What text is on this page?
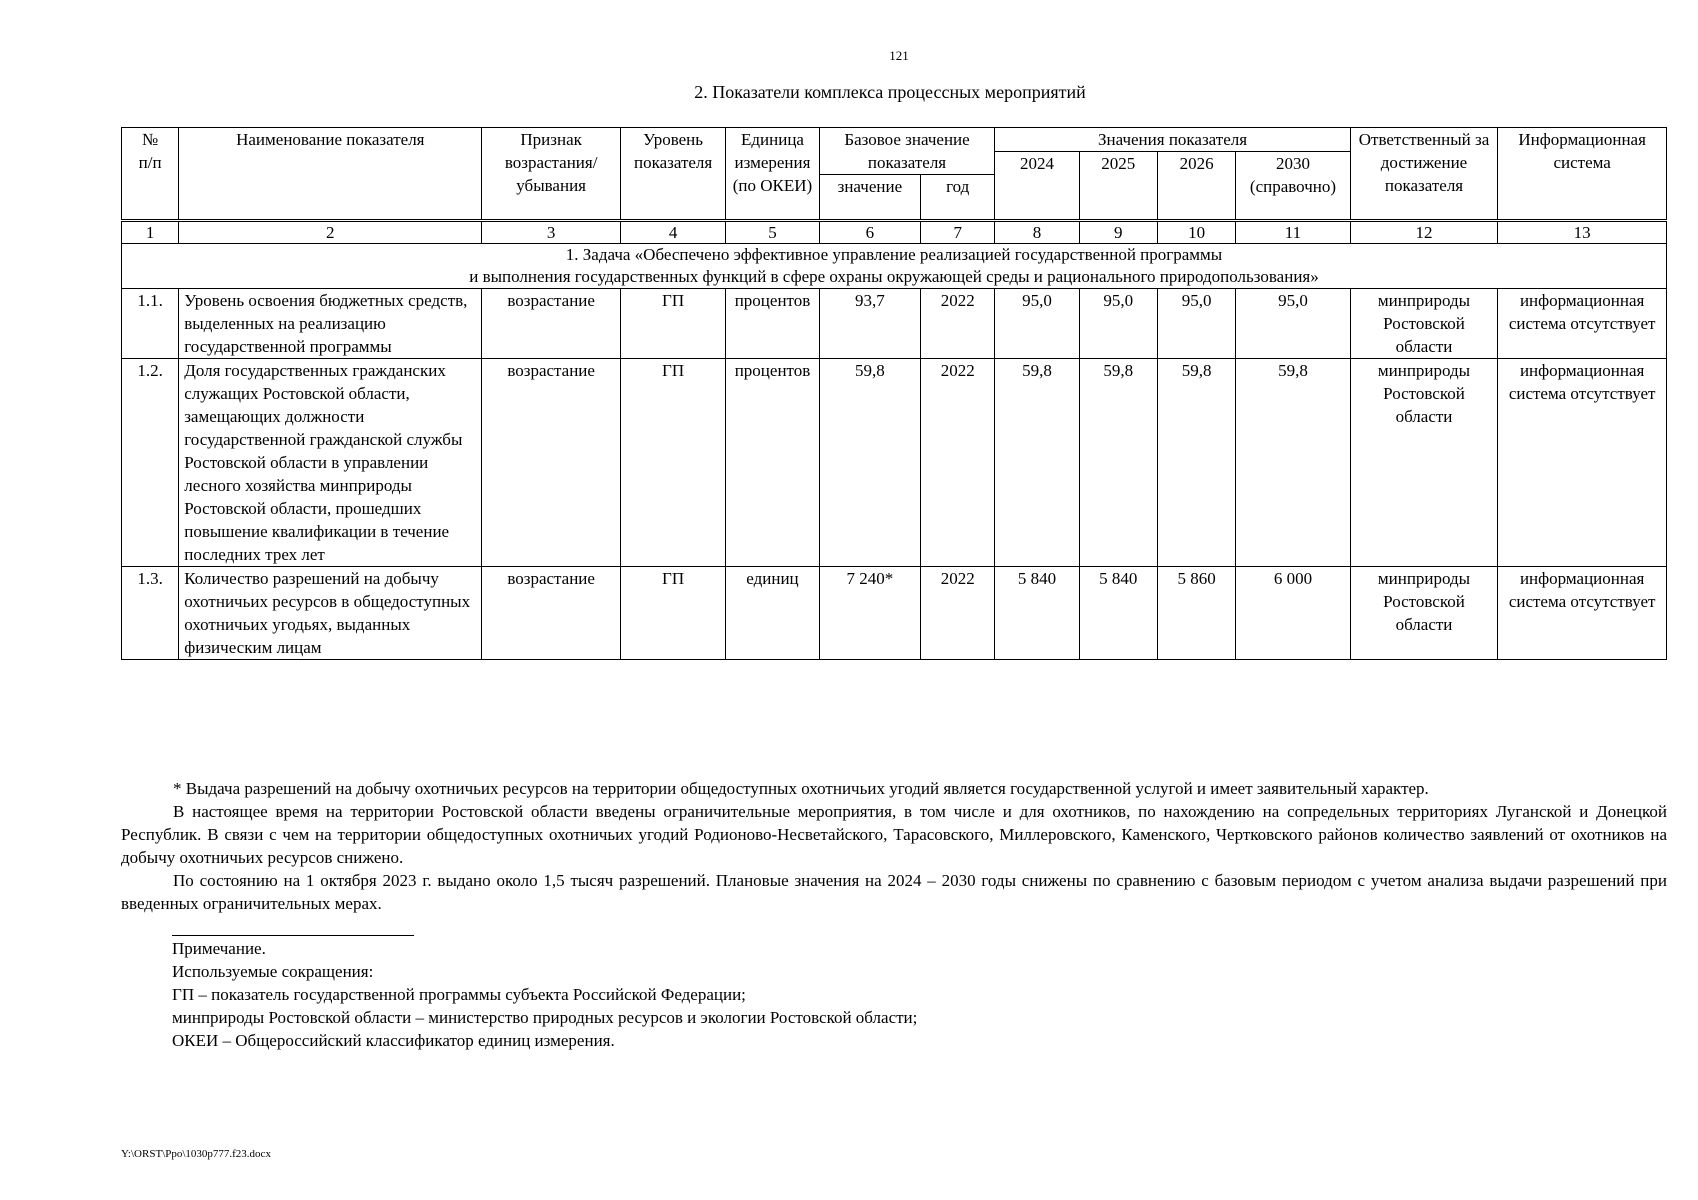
121
2. Показатели комплекса процессных мероприятий
№
п/п	Наименование показателя	Признак возрастания/ убывания	Уровень показателя	Единица измерения (по ОКЕИ)	Базовое значение показателя		Значения показателя				Ответственный за достижение показателя	Информационная система
							2024	2025	2026	2030 (справочно)		
					значение	год						
1	2	3	4	5	6	7	8	9	10	11	12	13
1. Задача «Обеспечено эффективное управление реализацией государственной программы
и выполнения государственных функций в сфере охраны окружающей среды и рационального природопользования»												
1.1.	Уровень освоения бюджетных средств, выделенных на реализацию государственной программы	возрастание	ГП	процентов	93,7	2022	95,0	95,0	95,0	95,0	минприроды Ростовской области	информационная система отсутствует
1.2.	Доля государственных гражданских служащих Ростовской области, замещающих должности государственной гражданской службы Ростовской области в управлении лесного хозяйства минприроды Ростовской области, прошедших повышение квалификации в течение последних трех лет	возрастание	ГП	процентов	59,8	2022	59,8	59,8	59,8	59,8	минприроды Ростовской области	информационная система отсутствует
1.3.	Количество разрешений на добычу охотничьих ресурсов в общедоступных охотничьих угодьях, выданных физическим лицам	возрастание	ГП	единиц	7 240*	2022	5 840	5 840	5 860	6 000	минприроды Ростовской области	информационная система отсутствует

* Выдача разрешений на добычу охотничьих ресурсов на территории общедоступных охотничьих угодий является государственной услугой и имеет заявительный характер.

В настоящее время на территории Ростовской области введены ограничительные мероприятия, в том числе и для охотников, по нахождению на сопредельных территориях Луганской и Донецкой Республик. В связи с чем на территории общедоступных охотничьих угодий Родионово-Несветайского, Тарасовского, Миллеровского, Каменского, Чертковского районов количество заявлений от охотников на добычу охотничьих ресурсов снижено.

По состоянию на 1 октября 2023 г. выдано около 1,5 тысяч разрешений. Плановые значения на 2024 – 2030 годы снижены по сравнению с базовым периодом с учетом анализа выдачи разрешений при введенных ограничительных мерах.

Примечание.
Используемые сокращения:
ГП – показатель государственной программы субъекта Российской Федерации;
минприроды Ростовской области – министерство природных ресурсов и экологии Ростовской области;
ОКЕИ – Общероссийский классификатор единиц измерения.
Y:\ORST\Ppo\1030p777.f23.docx
